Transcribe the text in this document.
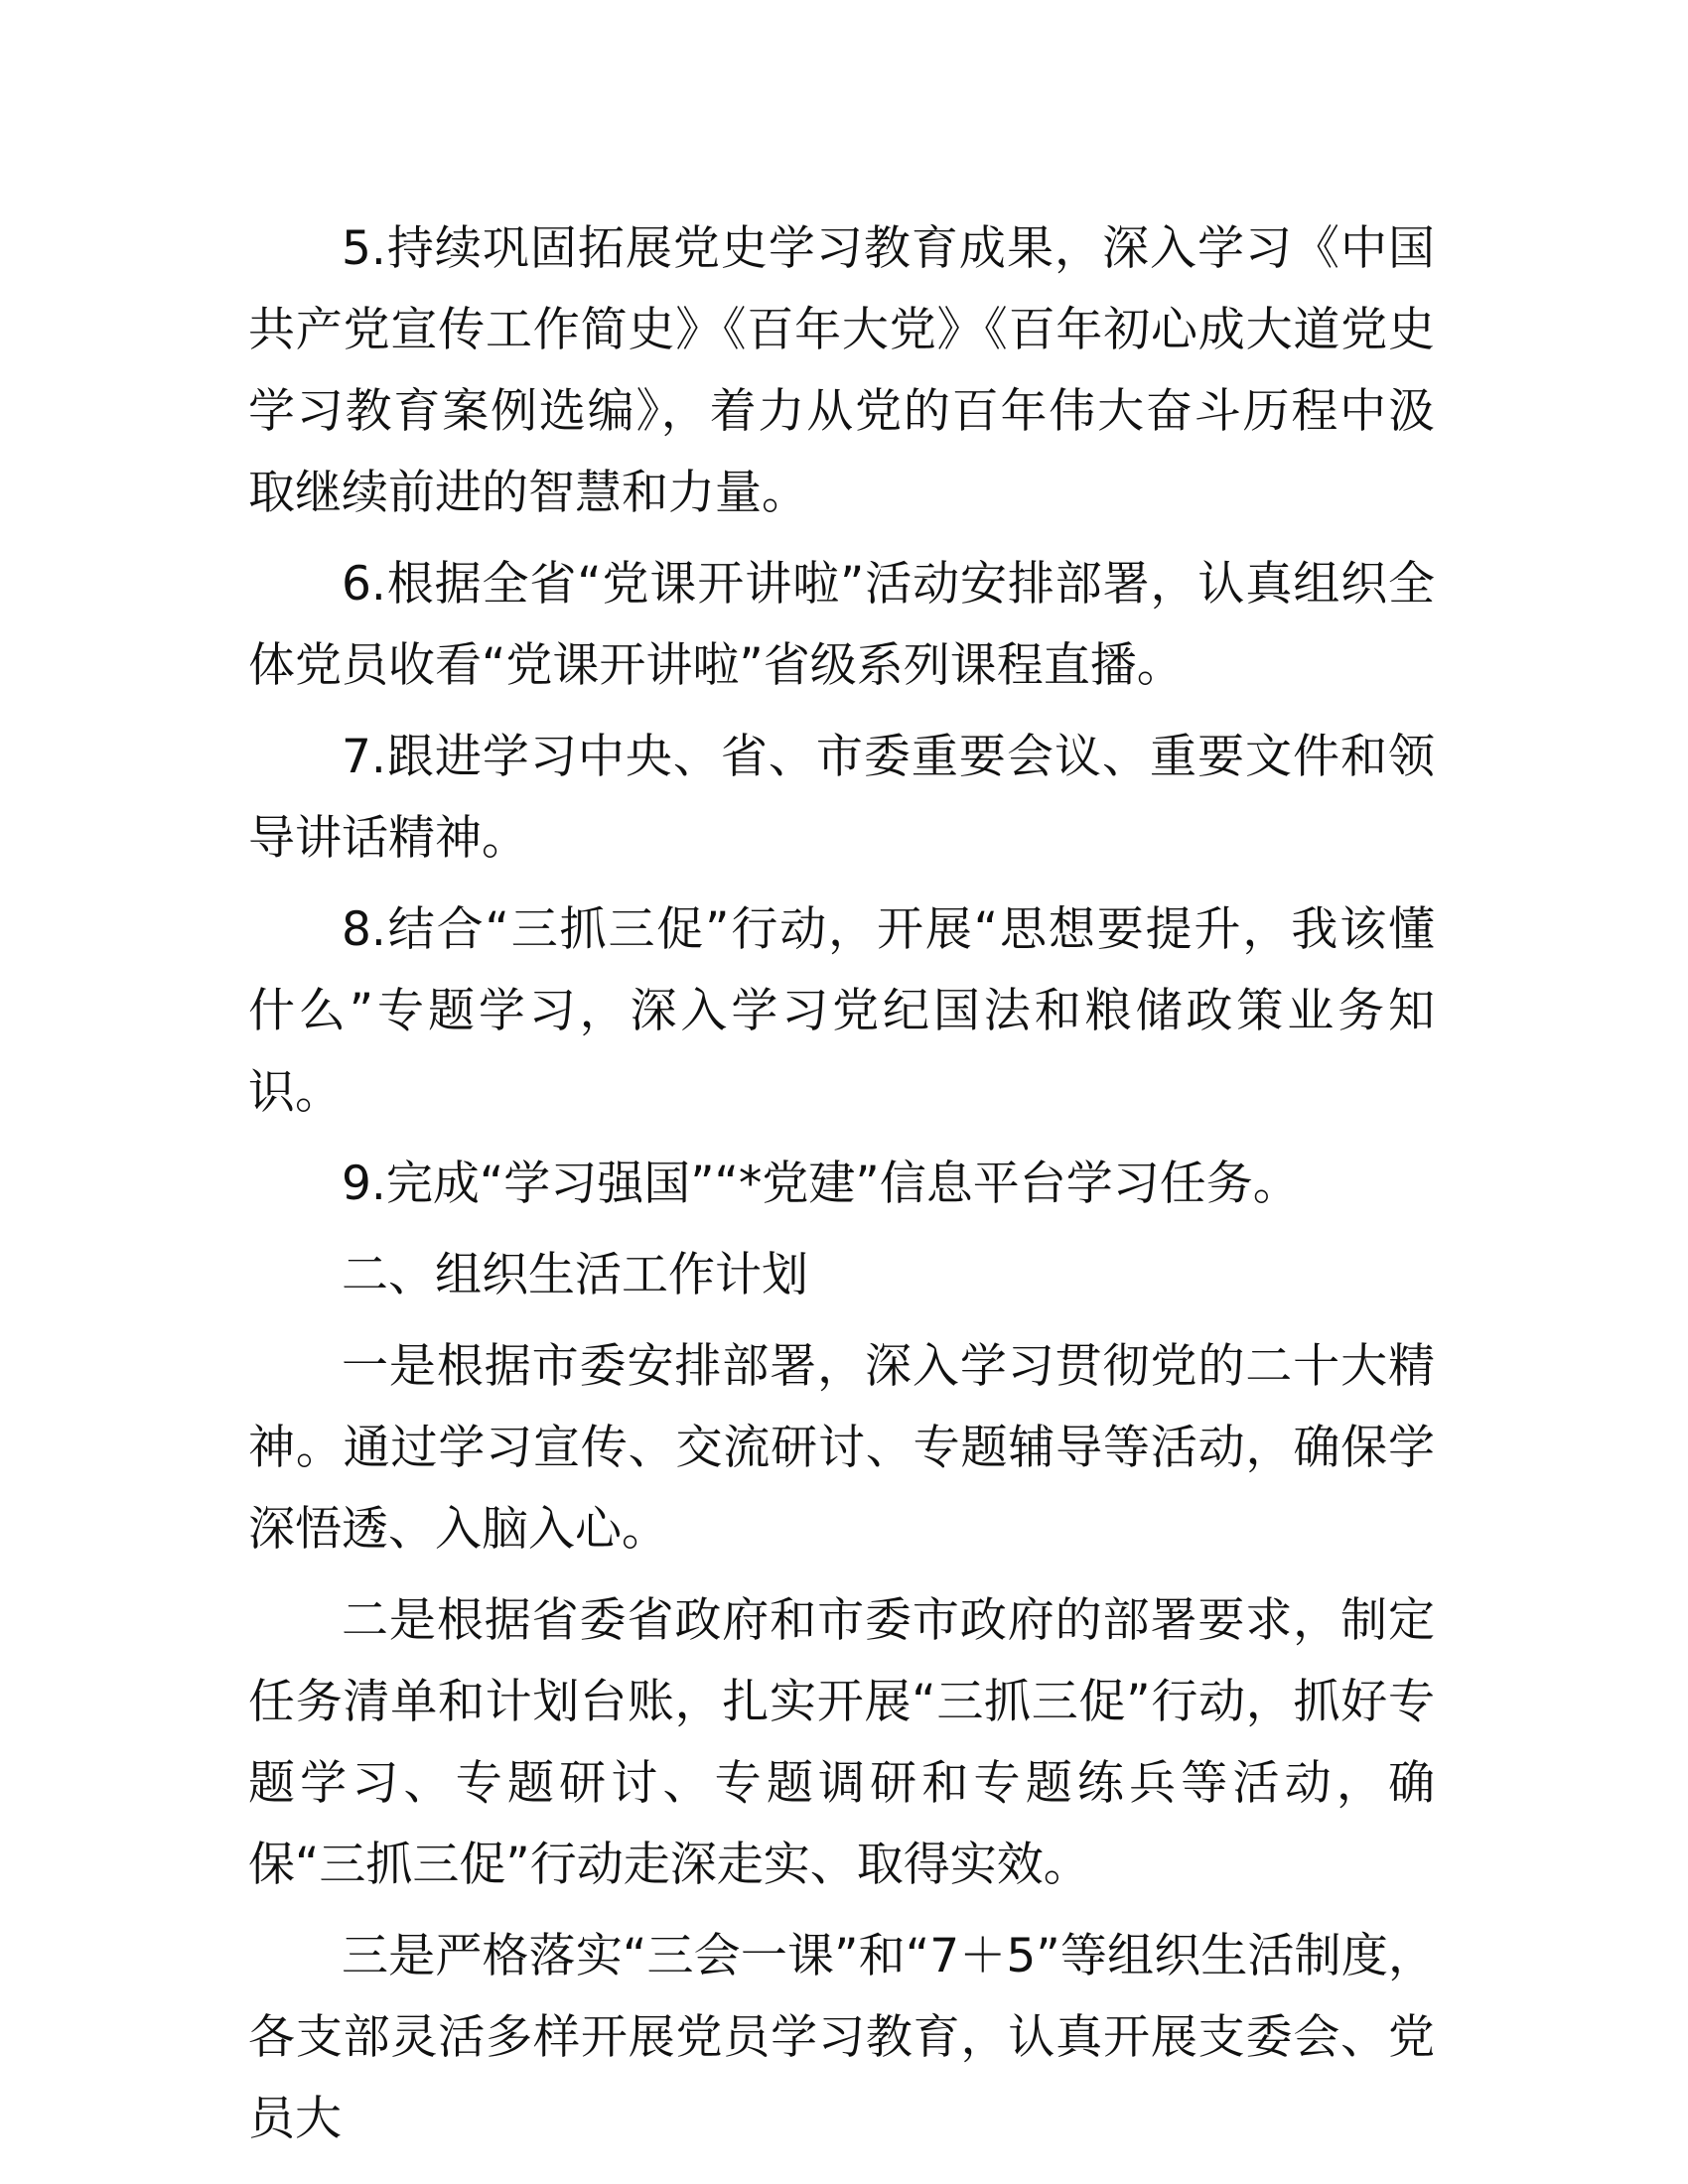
5.持续巩固拓展党史学习教育成果，深入学习《中国共产党宣传工作简史》《百年大党》《百年初心成大道党史学习教育案例选编》，着力从党的百年伟大奋斗历程中汲取继续前进的智慧和力量。

6.根据全省“党课开讲啦”活动安排部署，认真组织全体党员收看“党课开讲啦”省级系列课程直播。

7.跟进学习中央、省、市委重要会议、重要文件和领导讲话精神。

8.结合“三抓三促”行动，开展“思想要提升，我该懂什么”专题学习，深入学习党纪国法和粮储政策业务知识。

9.完成“学习强国”“*党建”信息平台学习任务。

二、组织生活工作计划

一是根据市委安排部署，深入学习贯彻党的二十大精神。通过学习宣传、交流研讨、专题辅导等活动，确保学深悟透、入脑入心。

二是根据省委省政府和市委市政府的部署要求，制定任务清单和计划台账，扎实开展“三抓三促”行动，抓好专题学习、专题研讨、专题调研和专题练兵等活动，确保“三抓三促”行动走深走实、取得实效。

三是严格落实“三会一课”和“7＋5”等组织生活制度，各支部灵活多样开展党员学习教育，认真开展支委会、党员大
